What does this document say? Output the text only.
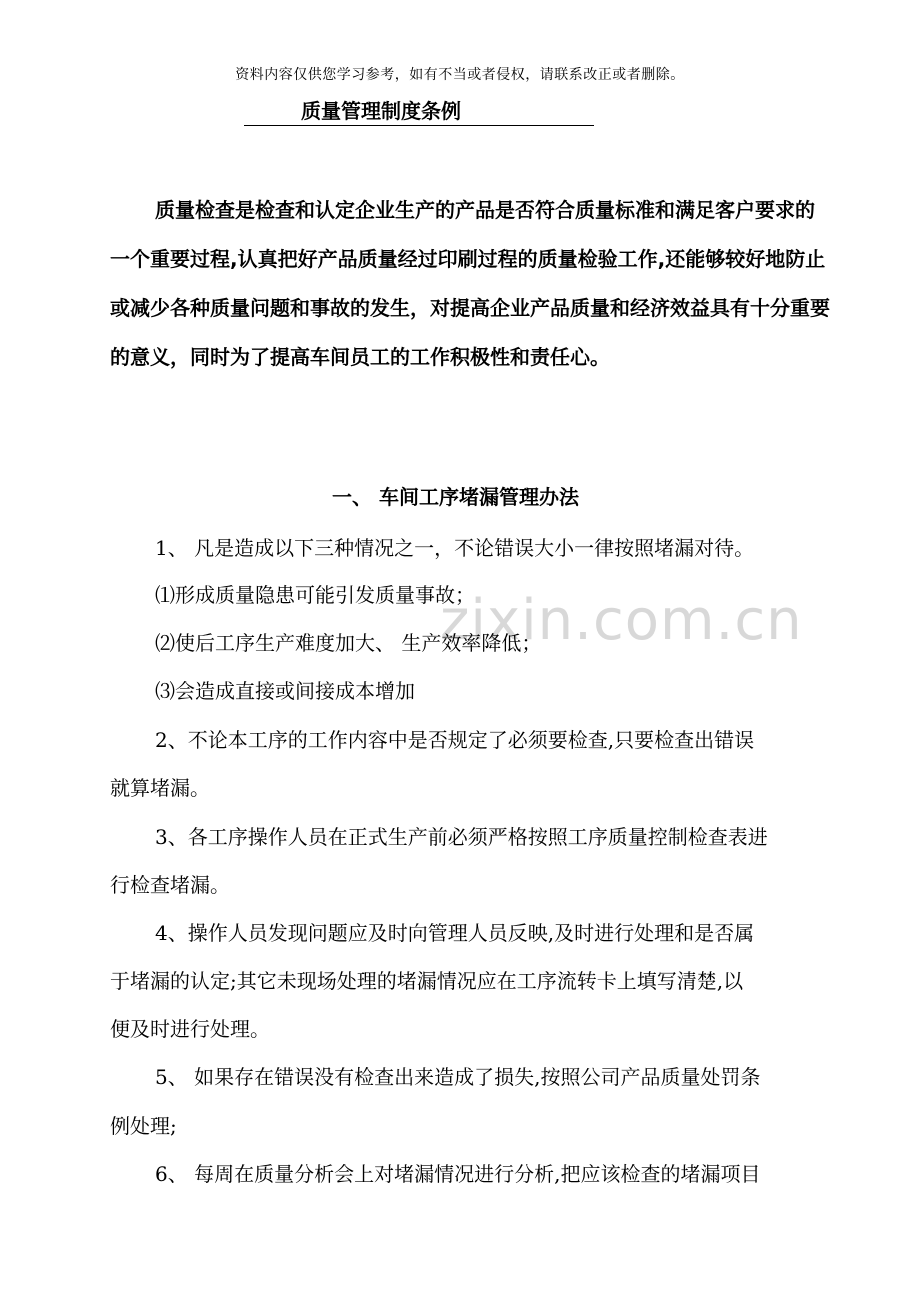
zixin.com.cn
资料内容仅供您学习参考，如有不当或者侵权，请联系改正或者删除。
质量管理制度条例

质量检查是检查和认定企业生产的产品是否符合质量标准和满足客户要求的一个重要过程,认真把好产品质量经过印刷过程的质量检验工作,还能够较好地防止或减少各种质量问题和事故的发生，对提高企业产品质量和经济效益具有十分重要的意义，同时为了提高车间员工的工作积极性和责任心。

一、 车间工序堵漏管理办法
1、 凡是造成以下三种情况之一，不论错误大小一律按照堵漏对待。
⑴形成质量隐患可能引发质量事故；
⑵使后工序生产难度加大、 生产效率降低；
⑶会造成直接或间接成本增加
2、不论本工序的工作内容中是否规定了必须要检查,只要检查出错误
就算堵漏。
3、各工序操作人员在正式生产前必须严格按照工序质量控制检查表进
行检查堵漏。
4、操作人员发现问题应及时向管理人员反映,及时进行处理和是否属
于堵漏的认定;其它未现场处理的堵漏情况应在工序流转卡上填写清楚,以
便及时进行处理。
5、 如果存在错误没有检查出来造成了损失,按照公司产品质量处罚条
例处理;
6、 每周在质量分析会上对堵漏情况进行分析,把应该检查的堵漏项目
